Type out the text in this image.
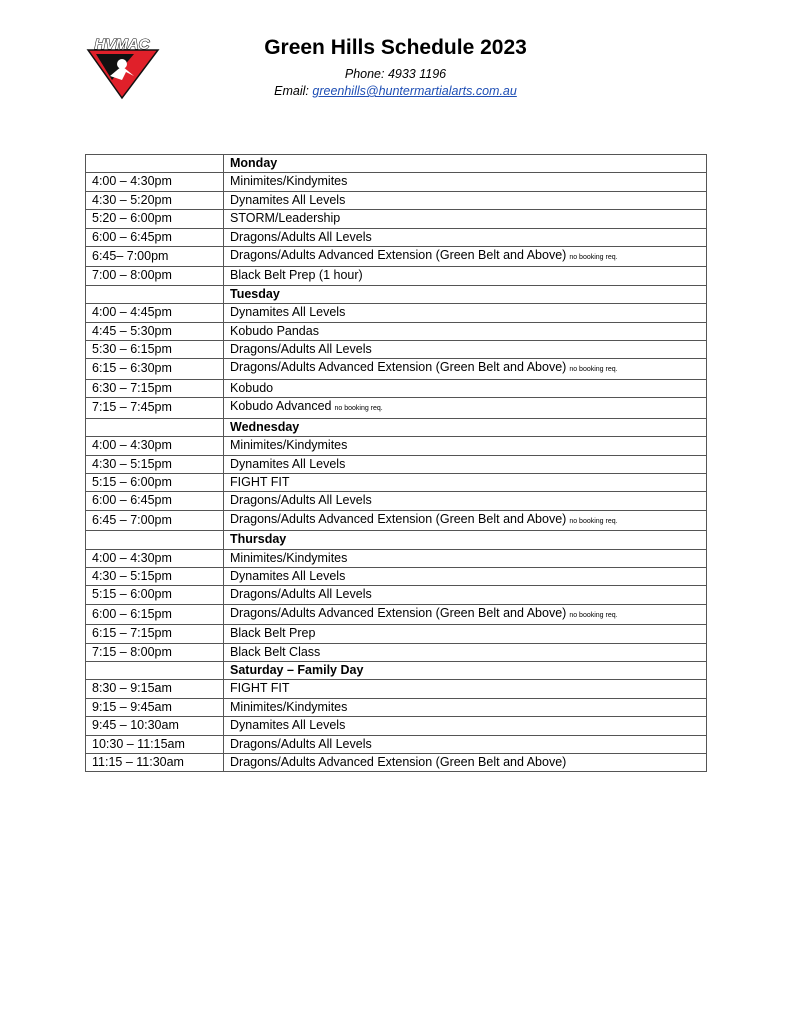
HVMAC	Green Hills Schedule 2023
Phone: 4933 1196
Email: greenhills@huntermartialarts.com.au
	Monday
4:00 – 4:30pm	Minimites/Kindymites
4:30 – 5:20pm	Dynamites All Levels
5:20 – 6:00pm	STORM/Leadership
6:00 – 6:45pm	Dragons/Adults All Levels
6:45– 7:00pm	Dragons/Adults Advanced Extension (Green Belt and Above) no booking req.
7:00 – 8:00pm	Black Belt Prep (1 hour)
	Tuesday
4:00 – 4:45pm	Dynamites All Levels
4:45 – 5:30pm	Kobudo Pandas
5:30 – 6:15pm	Dragons/Adults All Levels
6:15 – 6:30pm	Dragons/Adults Advanced Extension (Green Belt and Above) no booking req.
6:30 – 7:15pm	Kobudo
7:15 – 7:45pm	Kobudo Advanced no booking req.
	Wednesday
4:00 – 4:30pm	Minimites/Kindymites
4:30 – 5:15pm	Dynamites All Levels
5:15 – 6:00pm	FIGHT FIT
6:00 – 6:45pm	Dragons/Adults All Levels
6:45 – 7:00pm	Dragons/Adults Advanced Extension (Green Belt and Above) no booking req.
	Thursday
4:00 – 4:30pm	Minimites/Kindymites
4:30 – 5:15pm	Dynamites All Levels
5:15 – 6:00pm	Dragons/Adults All Levels
6:00 – 6:15pm	Dragons/Adults Advanced Extension (Green Belt and Above) no booking req.
6:15 – 7:15pm	Black Belt Prep
7:15 – 8:00pm	Black Belt Class
	Saturday – Family Day
8:30 – 9:15am	FIGHT FIT
9:15 – 9:45am	Minimites/Kindymites
9:45 – 10:30am	Dynamites All Levels
10:30 – 11:15am	Dragons/Adults All Levels
11:15 – 11:30am	Dragons/Adults Advanced Extension (Green Belt and Above)
